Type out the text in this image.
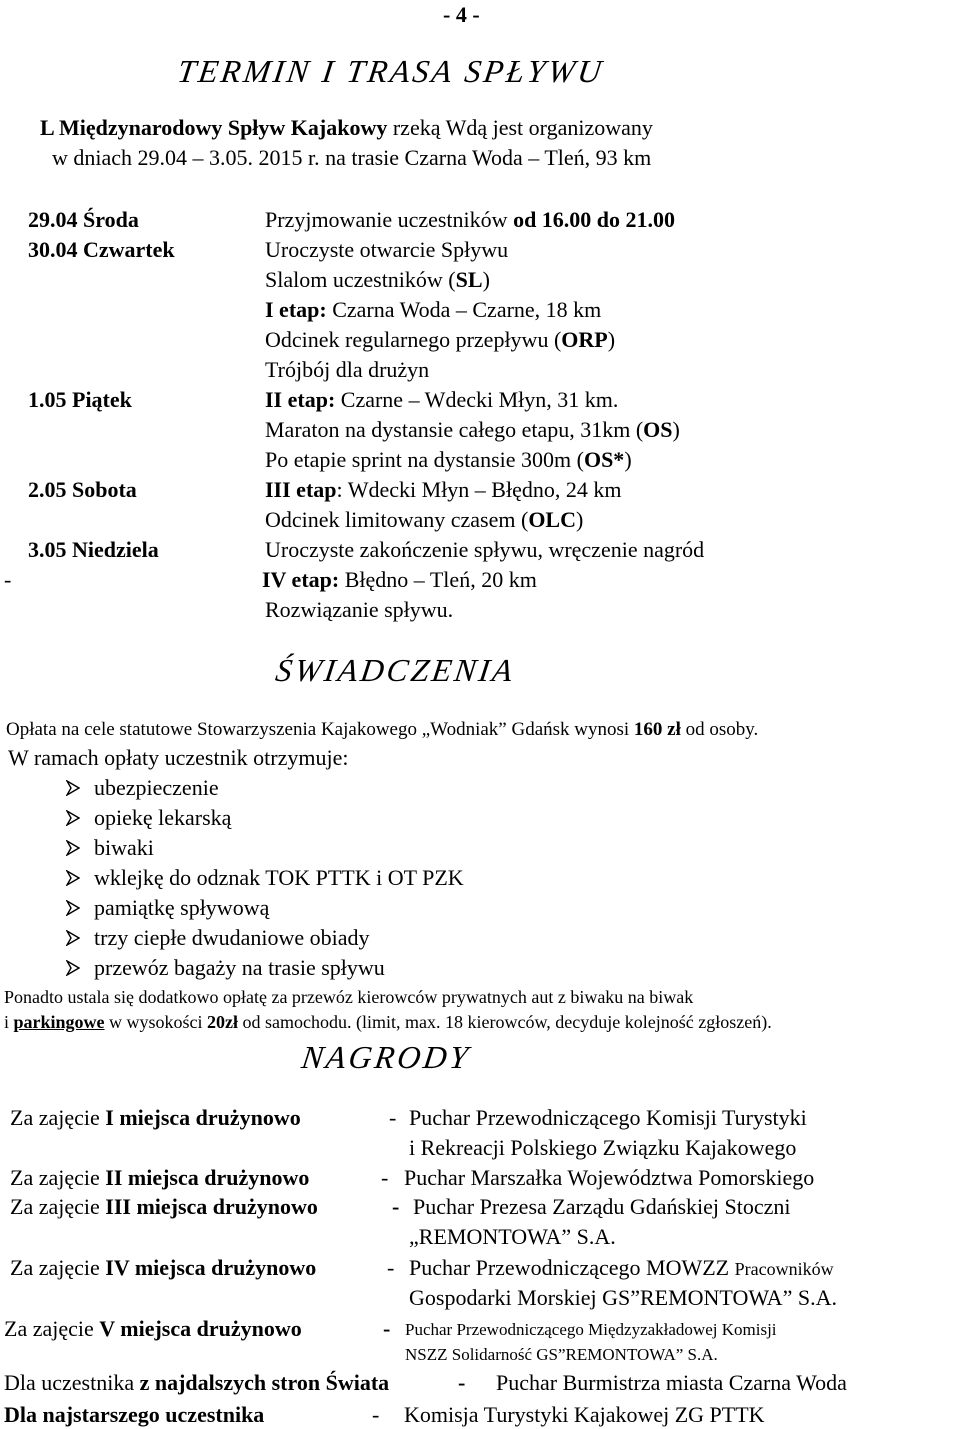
- 4 -
TERMIN I TRASA SPŁYWU
L Międzynarodowy Spływ Kajakowy rzeką Wdą jest organizowany
w dniach 29.04 – 3.05. 2015 r. na trasie Czarna Woda – Tleń, 93 km
29.04 Środa	Przyjmowanie uczestników od 16.00 do 21.00
30.04 Czwartek	Uroczyste otwarcie Spływu
Slalom uczestników (SL)
I etap: Czarna Woda – Czarne, 18 km
Odcinek regularnego przepływu (ORP)
Trójbój dla drużyn
1.05 Piątek	II etap: Czarne – Wdecki Młyn, 31 km.
Maraton na dystansie całego etapu, 31km (OS)
Po etapie sprint na dystansie 300m (OS*)
2.05 Sobota	III etap: Wdecki Młyn – Błędno, 24 km
Odcinek limitowany czasem (OLC)
3.05 Niedziela	Uroczyste zakończenie spływu, wręczenie nagród
-	IV etap: Błędno – Tleń, 20 km
Rozwiązanie spływu.
ŚWIADCZENIA
Opłata na cele statutowe Stowarzyszenia Kajakowego „Wodniak” Gdańsk wynosi 160 zł od osoby.
W ramach opłaty uczestnik otrzymuje:
ubezpieczenie
opiekę lekarską
biwaki
wklejkę do odznak TOK PTTK i OT PZK
pamiątkę spływową
trzy ciepłe dwudaniowe obiady
przewóz bagaży na trasie spływu
Ponadto ustala się dodatkowo opłatę za przewóz kierowców prywatnych aut z biwaku na biwak
i parkingowe w wysokości 20zł od samochodu. (limit, max. 18 kierowców, decyduje kolejność zgłoszeń).
NAGRODY
Za zajęcie I miejsca drużynowo	- Puchar Przewodniczącego Komisji Turystyki
i Rekreacji Polskiego Związku Kajakowego
Za zajęcie II miejsca drużynowo	- Puchar Marszałka Województwa Pomorskiego
Za zajęcie III miejsca drużynowo	- Puchar Prezesa Zarządu Gdańskiej Stoczni
„REMONTOWA” S.A.
Za zajęcie IV miejsca drużynowo	- Puchar Przewodniczącego MOWZZ Pracowników
Gospodarki Morskiej GS”REMONTOWA” S.A.
Za zajęcie V miejsca drużynowo	- Puchar Przewodniczącego Międzyzakładowej Komisji
NSZZ Solidarność GS”REMONTOWA” S.A.
Dla uczestnika z najdalszych stron Świata	- Puchar Burmistrza miasta Czarna Woda
Dla najstarszego uczestnika	- Komisja Turystyki Kajakowej ZG PTTK
